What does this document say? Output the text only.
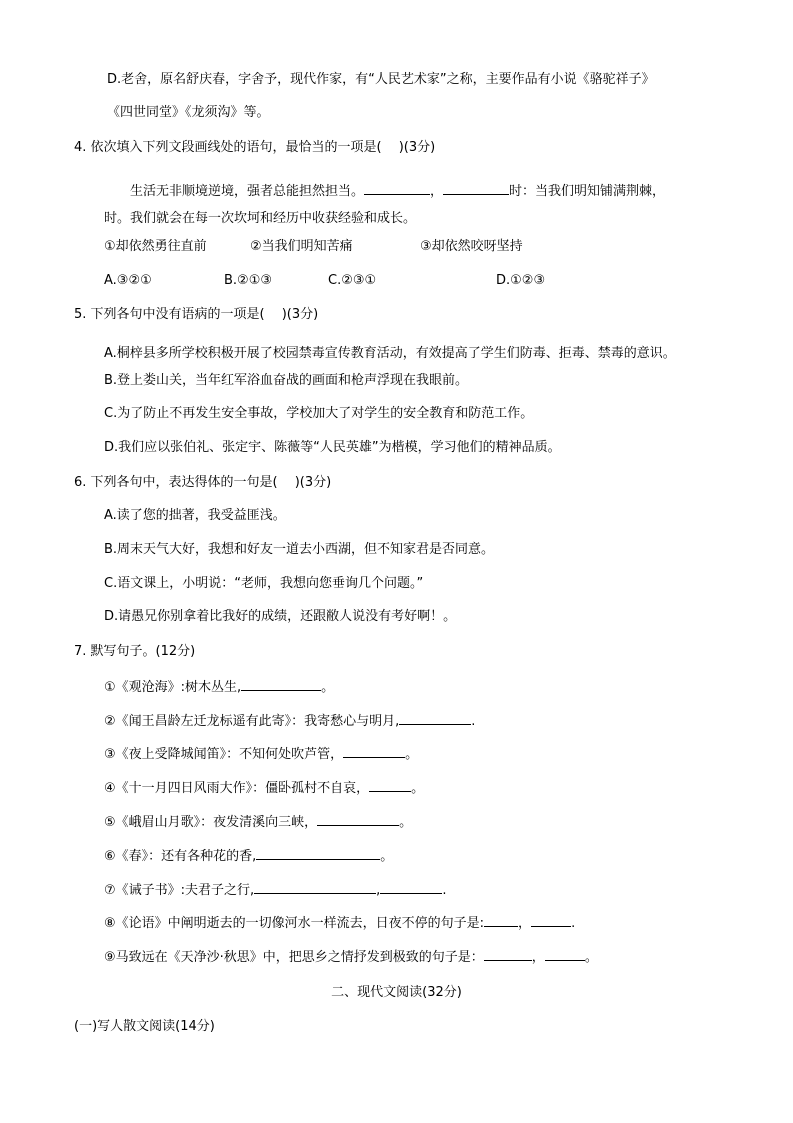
D.老舍，原名舒庆春，字舍予，现代作家，有“人民艺术家”之称，主要作品有小说《骆驼祥子》
《四世同堂》《龙须沟》等。
4. 依次填入下列文段画线处的语句，最恰当的一项是(　 )(3分)
生活无非顺境逆境，强者总能担然担当。	，	时：当我们明知铺满荆棘，
时。我们就会在每一次坎坷和经历中收获经验和成长。
①却依然勇往直前	②当我们明知苦痛	③却依然咬呀坚持
A.③②①	B.②①③	C.②③①	D.①②③
5. 下列各句中没有语病的一项是(　 )(3分)
A.桐梓县多所学校积极开展了校园禁毒宣传教育活动，有效提高了学生们防毒、拒毒、禁毒的意识。
B.登上娄山关，当年红军浴血奋战的画面和枪声浮现在我眼前。
C.为了防止不再发生安全事故，学校加大了对学生的安全教育和防范工作。
D.我们应以张伯礼、张定宇、陈薇等“人民英雄”为楷模，学习他们的精神品质。
6. 下列各句中，表达得体的一句是(　 )(3分)
A.读了您的拙著，我受益匪浅。
B.周末天气大好，我想和好友一道去小西湖，但不知家君是否同意。
C.语文课上，小明说：“老师，我想向您垂询几个问题。”
D.请愚兄你别拿着比我好的成绩，还跟敝人说没有考好啊！。
7. 默写句子。(12分)
①《观沧海》:树木丛生,	。
②《闻王昌龄左迁龙标遥有此寄》：我寄愁心与明月,	.
③《夜上受降城闻笛》：不知何处吹芦管，	。
④《十一月四日风雨大作》：僵卧孤村不自哀，	。
⑤《峨眉山月歌》：夜发清溪向三峡，	。
⑥《春》：还有各种花的香,	。
⑦《诫子书》:夫君子之行,	,	.
⑧《论语》中阐明逝去的一切像河水一样流去，日夜不停的句子是:	，	.
⑨马致远在《天净沙·秋思》中，把思乡之情抒发到极致的句子是：	，	。
二、现代文阅读(32分)
(一)写人散文阅读(14分)
